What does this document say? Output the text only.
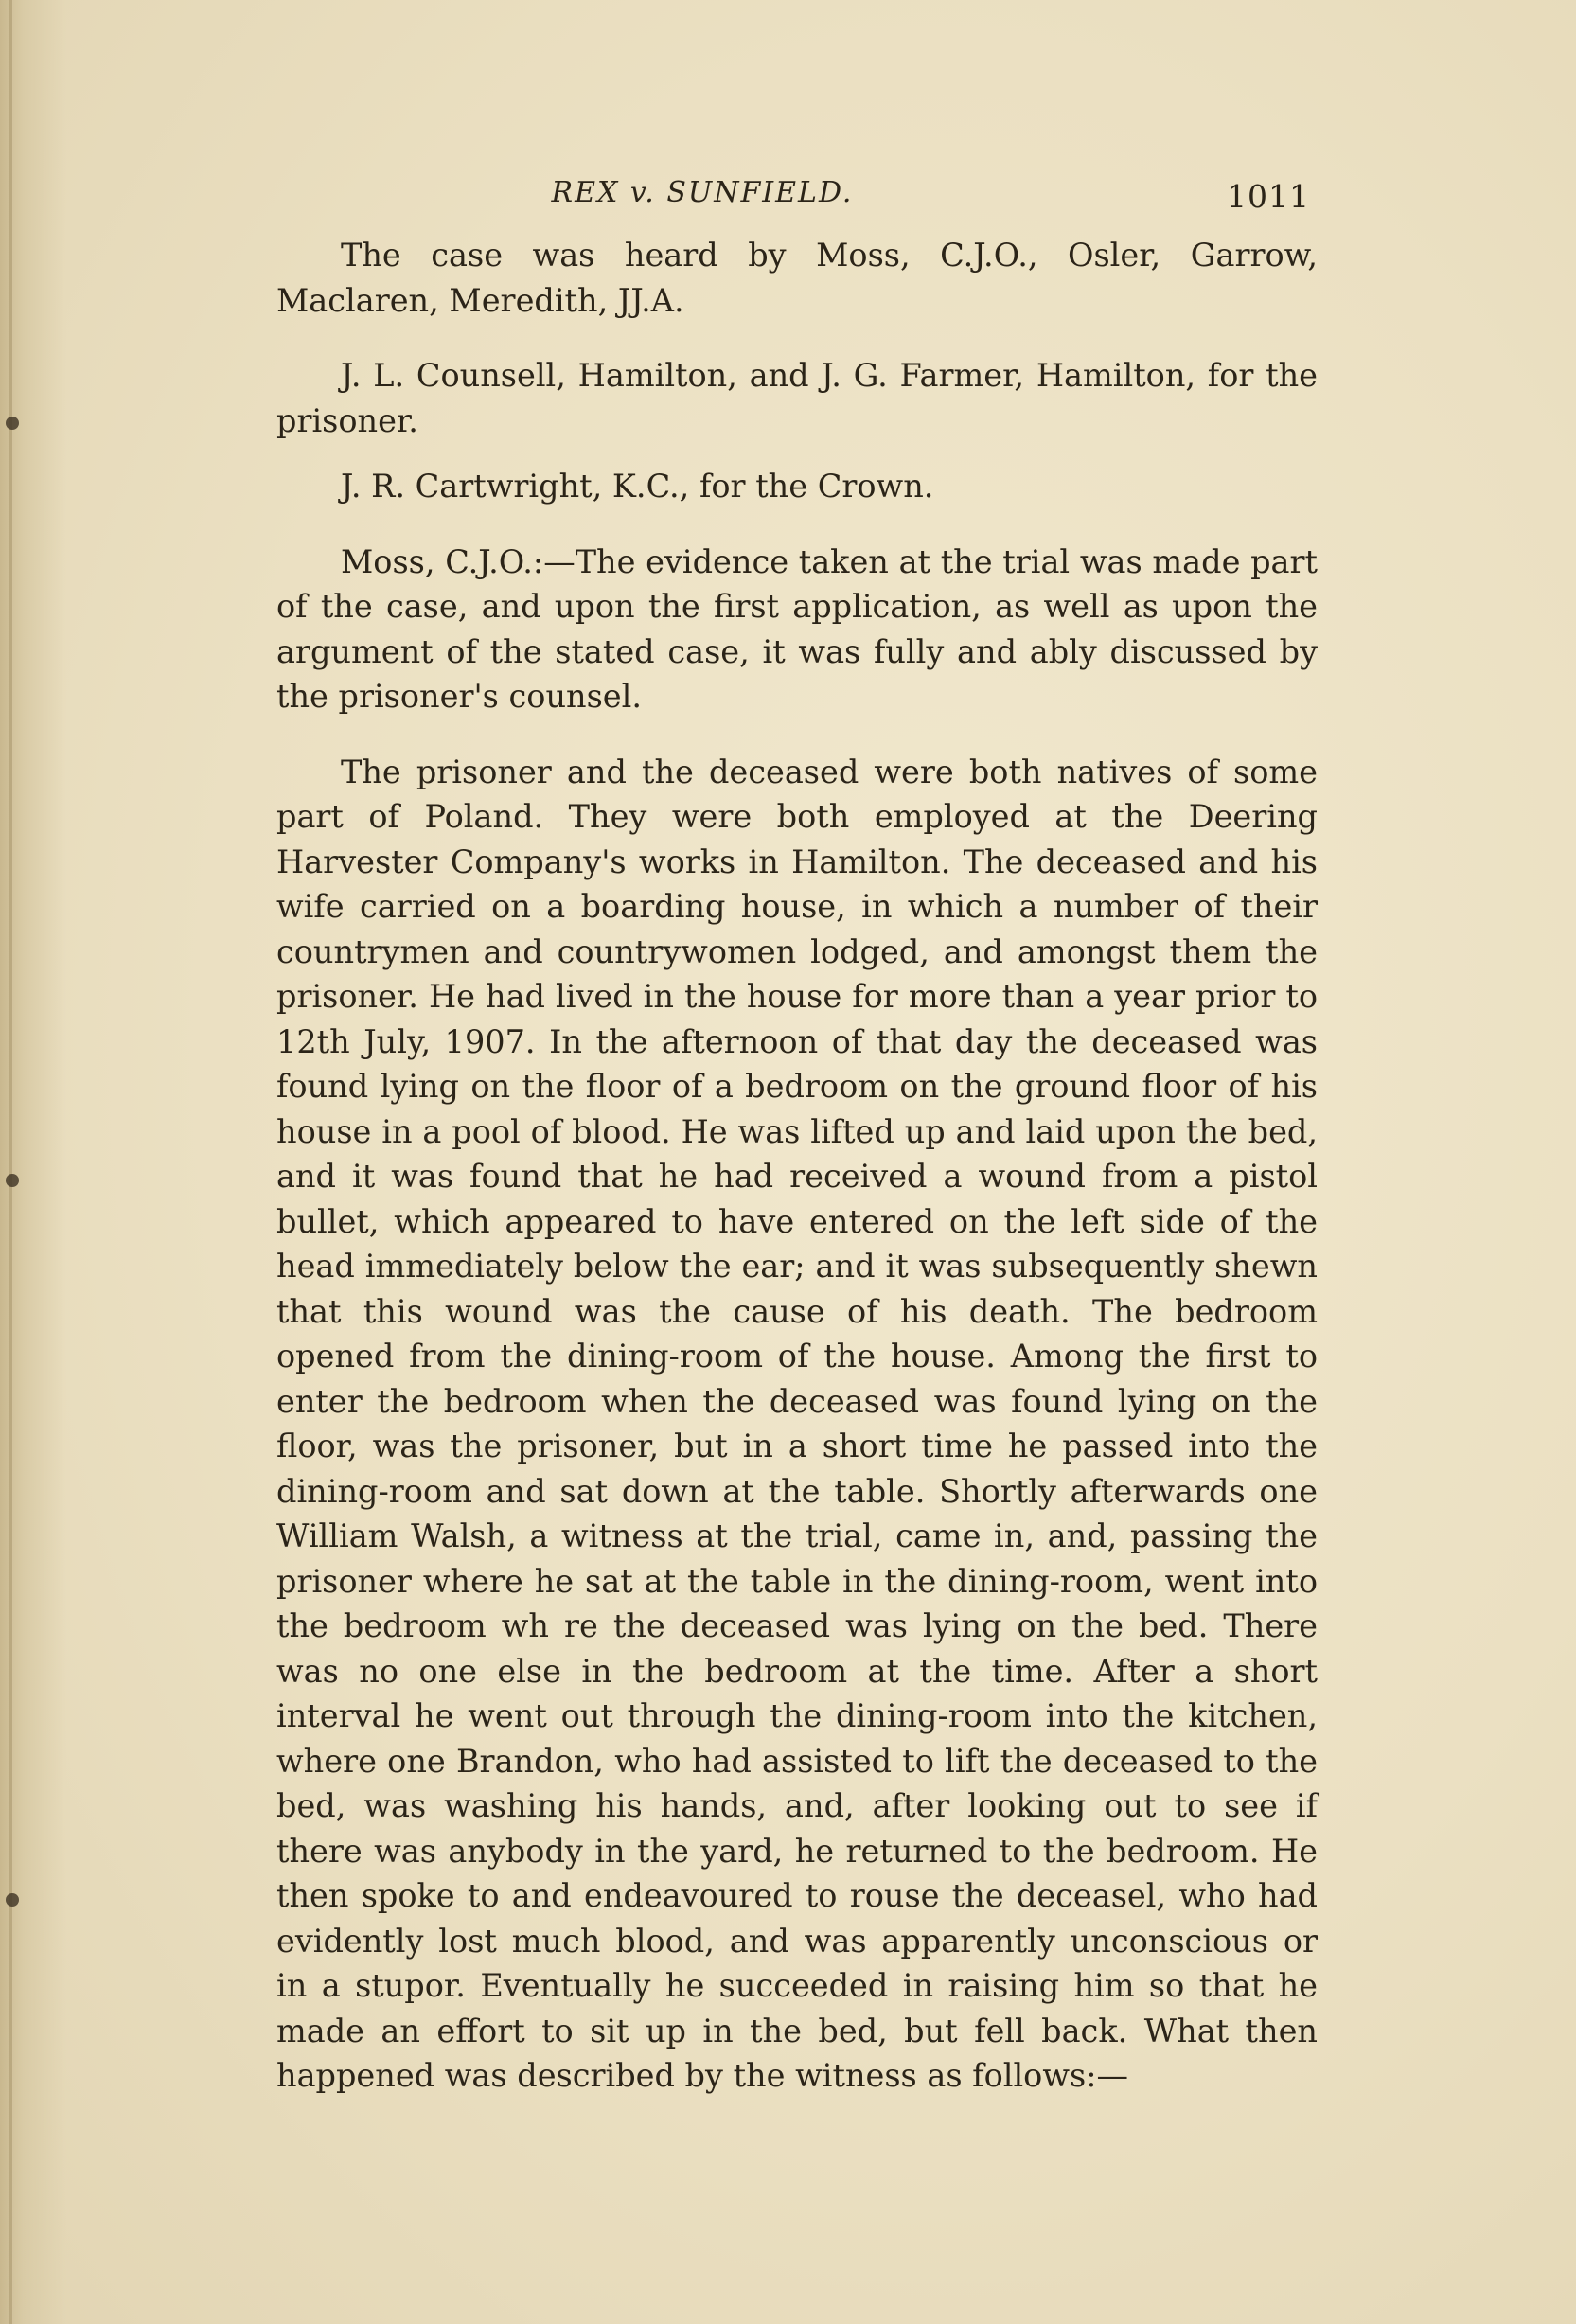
REX v. SUNFIELD.	1011

The case was heard by Moss, C.J.O., Osler, Garrow, Maclaren, Meredith, JJ.A.

J. L. Counsell, Hamilton, and J. G. Farmer, Hamilton, for the prisoner.

J. R. Cartwright, K.C., for the Crown.

Moss, C.J.O.:—The evidence taken at the trial was made part of the case, and upon the first application, as well as upon the argument of the stated case, it was fully and ably discussed by the prisoner's counsel.

The prisoner and the deceased were both natives of some part of Poland. They were both employed at the Deering Harvester Company's works in Hamilton. The deceased and his wife carried on a boarding house, in which a number of their countrymen and countrywomen lodged, and amongst them the prisoner. He had lived in the house for more than a year prior to 12th July, 1907. In the afternoon of that day the deceased was found lying on the floor of a bedroom on the ground floor of his house in a pool of blood. He was lifted up and laid upon the bed, and it was found that he had received a wound from a pistol bullet, which appeared to have entered on the left side of the head immediately below the ear; and it was subsequently shewn that this wound was the cause of his death. The bedroom opened from the dining-room of the house. Among the first to enter the bedroom when the deceased was found lying on the floor, was the prisoner, but in a short time he passed into the dining-room and sat down at the table. Shortly afterwards one William Walsh, a witness at the trial, came in, and, passing the prisoner where he sat at the table in the dining-room, went into the bedroom wh re the deceased was lying on the bed. There was no one else in the bedroom at the time. After a short interval he went out through the dining-room into the kitchen, where one Brandon, who had assisted to lift the deceased to the bed, was washing his hands, and, after looking out to see if there was anybody in the yard, he returned to the bedroom. He then spoke to and endeavoured to rouse the deceasel, who had evidently lost much blood, and was apparently unconscious or in a stupor. Eventually he succeeded in raising him so that he made an effort to sit up in the bed, but fell back. What then happened was described by the witness as follows:—
